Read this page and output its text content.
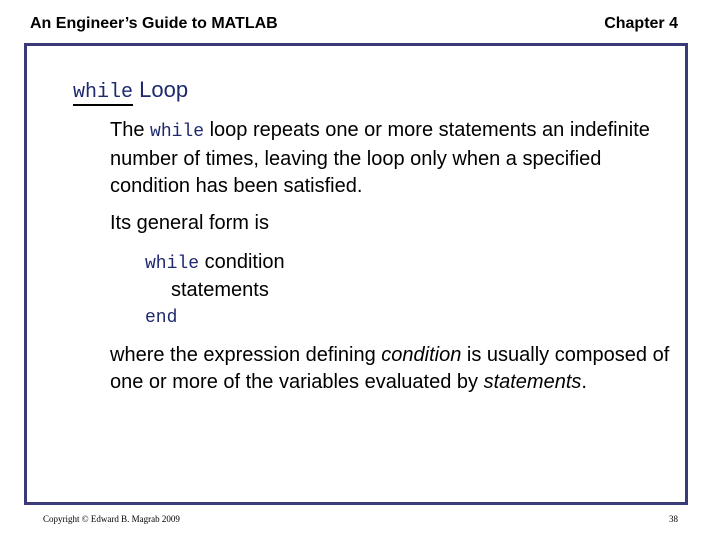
An Engineer’s Guide to MATLAB	Chapter 4
while Loop

The while loop repeats one or more statements an indefinite number of times, leaving the loop only when a specified condition has been satisfied.

Its general form is

while condition
statements
end

where the expression defining condition is usually composed of one or more of the variables evaluated by statements.

Copyright © Edward B. Magrab 2009	38
